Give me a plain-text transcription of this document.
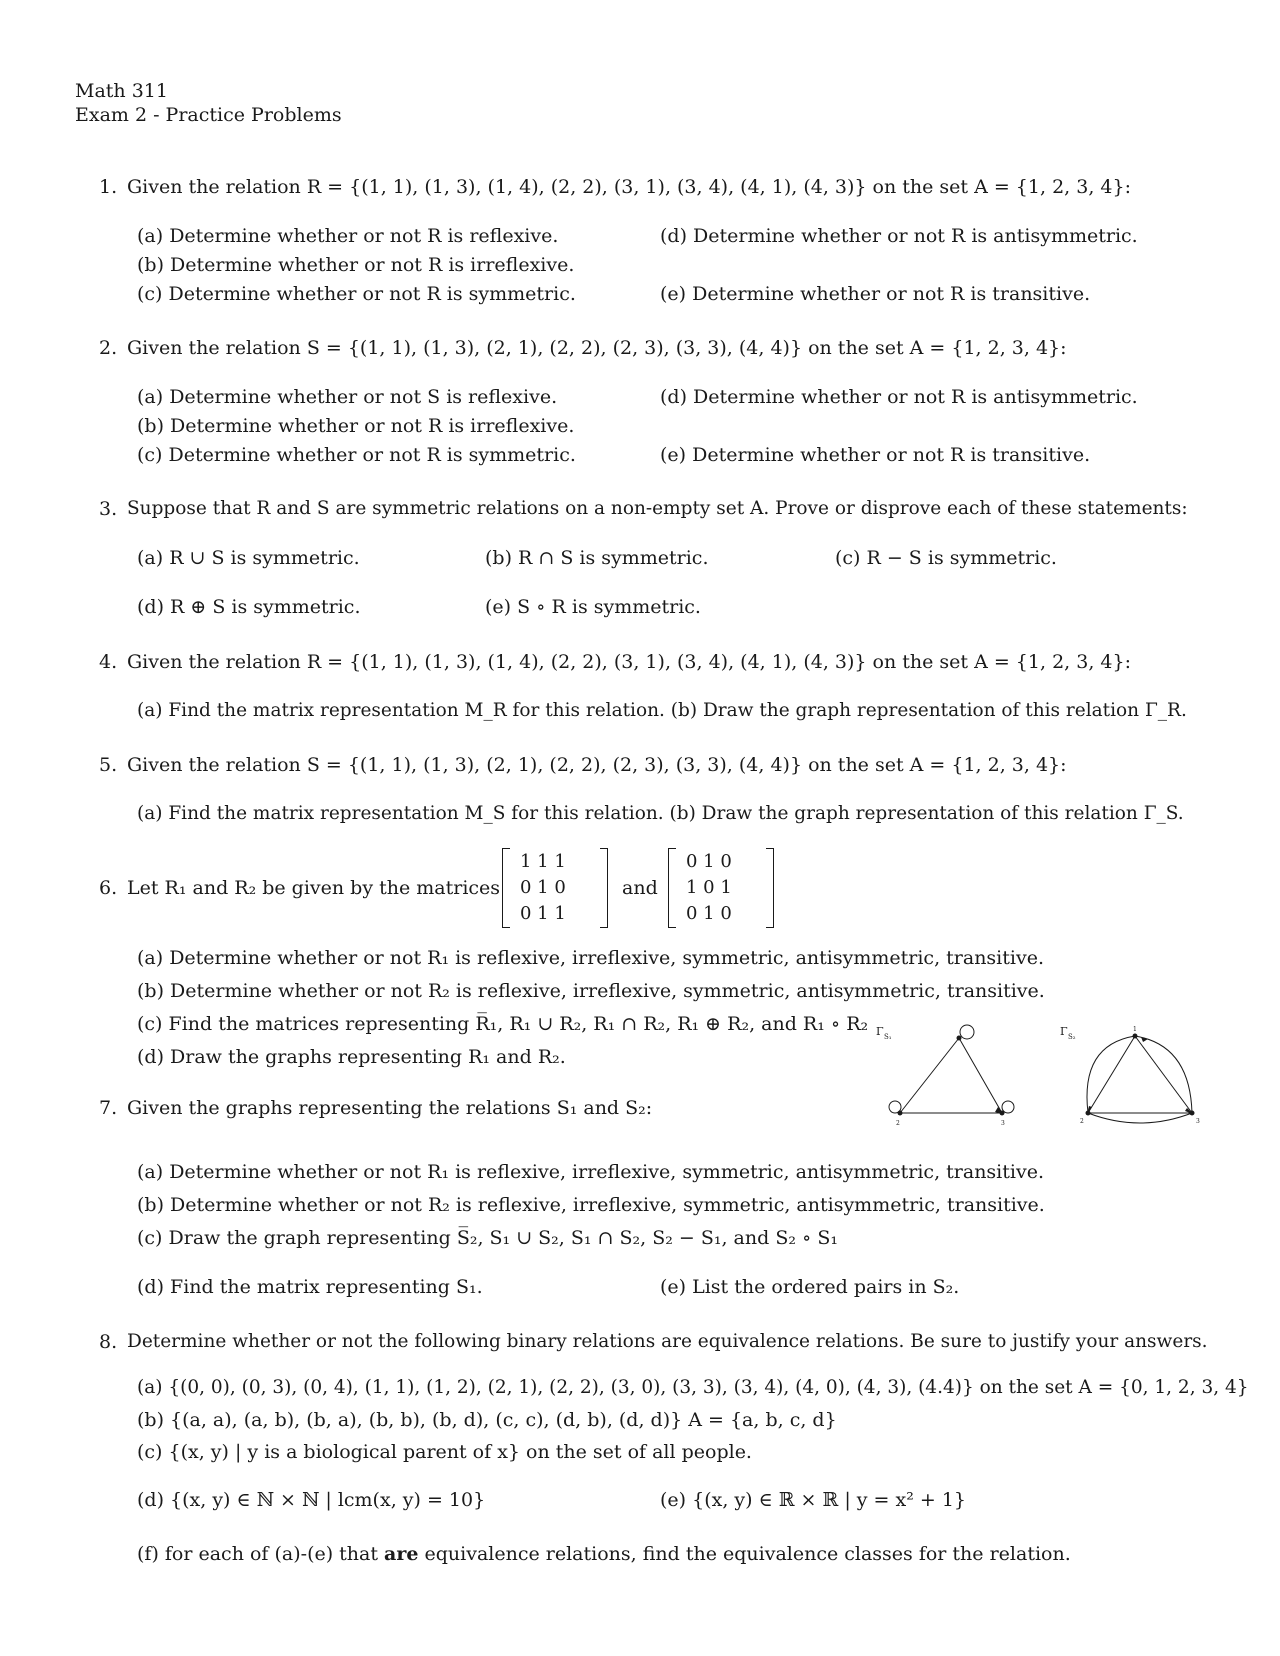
Math 311
Exam 2 - Practice Problems
1. Given the relation R = {(1, 1), (1, 3), (1, 4), (2, 2), (3, 1), (3, 4), (4, 1), (4, 3)} on the set A = {1, 2, 3, 4}:
(a) Determine whether or not R is reflexive.
(b) Determine whether or not R is irreflexive.
(c) Determine whether or not R is symmetric.
(d) Determine whether or not R is antisymmetric.
(e) Determine whether or not R is transitive.
2. Given the relation S = {(1, 1), (1, 3), (2, 1), (2, 2), (2, 3), (3, 3), (4, 4)} on the set A = {1, 2, 3, 4}:
(a) Determine whether or not S is reflexive.
(b) Determine whether or not R is irreflexive.
(c) Determine whether or not R is symmetric.
(d) Determine whether or not R is antisymmetric.
(e) Determine whether or not R is transitive.
3. Suppose that R and S are symmetric relations on a non-empty set A. Prove or disprove each of these statements:
(a) R ∪ S is symmetric.	(b) R ∩ S is symmetric.	(c) R − S is symmetric.
(d) R ⊕ S is symmetric.	(e) S ∘ R is symmetric.
4. Given the relation R = {(1, 1), (1, 3), (1, 4), (2, 2), (3, 1), (3, 4), (4, 1), (4, 3)} on the set A = {1, 2, 3, 4}:
(a) Find the matrix representation M_R for this relation. (b) Draw the graph representation of this relation Γ_R.
5. Given the relation S = {(1, 1), (1, 3), (2, 1), (2, 2), (2, 3), (3, 3), (4, 4)} on the set A = {1, 2, 3, 4}:
(a) Find the matrix representation M_S for this relation. (b) Draw the graph representation of this relation Γ_S.
6. Let R₁ and R₂ be given by the matrices
1 1 1
0 1 0
0 1 1
and
0 1 0
1 0 1
0 1 0
(a) Determine whether or not R₁ is reflexive, irreflexive, symmetric, antisymmetric, transitive.
(b) Determine whether or not R₂ is reflexive, irreflexive, symmetric, antisymmetric, transitive.
(c) Find the matrices representing R̅₁, R₁ ∪ R₂, R₁ ∩ R₂, R₁ ⊕ R₂, and R₁ ∘ R₂
(d) Draw the graphs representing R₁ and R₂.
7. Given the graphs representing the relations S₁ and S₂:
Γ S₁
2	3
Γ S₂
1
2	3
(a) Determine whether or not R₁ is reflexive, irreflexive, symmetric, antisymmetric, transitive.
(b) Determine whether or not R₂ is reflexive, irreflexive, symmetric, antisymmetric, transitive.
(c) Draw the graph representing S̅₂, S₁ ∪ S₂, S₁ ∩ S₂, S₂ − S₁, and S₂ ∘ S₁
(d) Find the matrix representing S₁.	(e) List the ordered pairs in S₂.
8. Determine whether or not the following binary relations are equivalence relations. Be sure to justify your answers.
(a) {(0, 0), (0, 3), (0, 4), (1, 1), (1, 2), (2, 1), (2, 2), (3, 0), (3, 3), (3, 4), (4, 0), (4, 3), (4.4)} on the set A = {0, 1, 2, 3, 4}
(b) {(a, a), (a, b), (b, a), (b, b), (b, d), (c, c), (d, b), (d, d)} A = {a, b, c, d}
(c) {(x, y) | y is a biological parent of x} on the set of all people.
(d) {(x, y) ∈ ℕ × ℕ | lcm(x, y) = 10}	(e) {(x, y) ∈ ℝ × ℝ | y = x² + 1}
(f) for each of (a)-(e) that are equivalence relations, find the equivalence classes for the relation.
